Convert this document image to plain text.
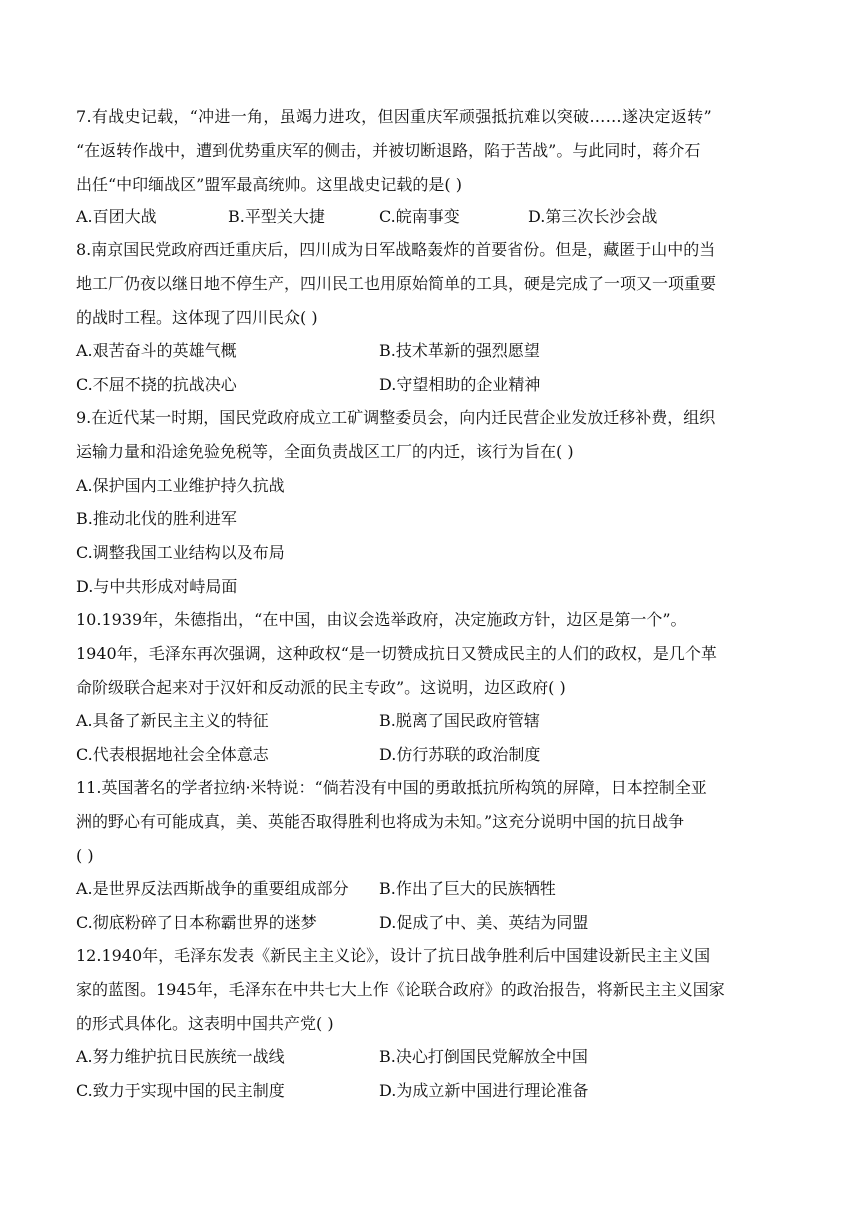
7.有战史记载，“冲进一角，虽竭力进攻，但因重庆军顽强抵抗难以突破……遂决定返转”
“在返转作战中，遭到优势重庆军的侧击，并被切断退路，陷于苦战”。与此同时，蒋介石
出任“中印缅战区”盟军最高统帅。这里战史记载的是( )
A.百团大战	B.平型关大捷	C.皖南事变	D.第三次长沙会战
8.南京国民党政府西迁重庆后，四川成为日军战略轰炸的首要省份。但是，藏匿于山中的当
地工厂仍夜以继日地不停生产，四川民工也用原始简单的工具，硬是完成了一项又一项重要
的战时工程。这体现了四川民众( )
A.艰苦奋斗的英雄气概	B.技术革新的强烈愿望
C.不屈不挠的抗战决心	D.守望相助的企业精神
9.在近代某一时期，国民党政府成立工矿调整委员会，向内迁民营企业发放迁移补费，组织
运输力量和沿途免验免税等，全面负责战区工厂的内迁，该行为旨在( )
A.保护国内工业维护持久抗战
B.推动北伐的胜利进军
C.调整我国工业结构以及布局
D.与中共形成对峙局面
10.1939年，朱德指出，“在中国，由议会选举政府，决定施政方针，边区是第一个”。
1940年，毛泽东再次强调，这种政权“是一切赞成抗日又赞成民主的人们的政权，是几个革
命阶级联合起来对于汉奸和反动派的民主专政”。这说明，边区政府( )
A.具备了新民主主义的特征	B.脱离了国民政府管辖
C.代表根据地社会全体意志	D.仿行苏联的政治制度
11.英国著名的学者拉纳·米特说：“倘若没有中国的勇敢抵抗所构筑的屏障，日本控制全亚
洲的野心有可能成真，美、英能否取得胜利也将成为未知。”这充分说明中国的抗日战争
( )
A.是世界反法西斯战争的重要组成部分 B.作出了巨大的民族牺牲
C.彻底粉碎了日本称霸世界的迷梦	D.促成了中、美、英结为同盟
12.1940年，毛泽东发表《新民主主义论》，设计了抗日战争胜利后中国建设新民主主义国
家的蓝图。1945年，毛泽东在中共七大上作《论联合政府》的政治报告，将新民主主义国家
的形式具体化。这表明中国共产党( )
A.努力维护抗日民族统一战线	B.决心打倒国民党解放全中国
C.致力于实现中国的民主制度	D.为成立新中国进行理论准备
